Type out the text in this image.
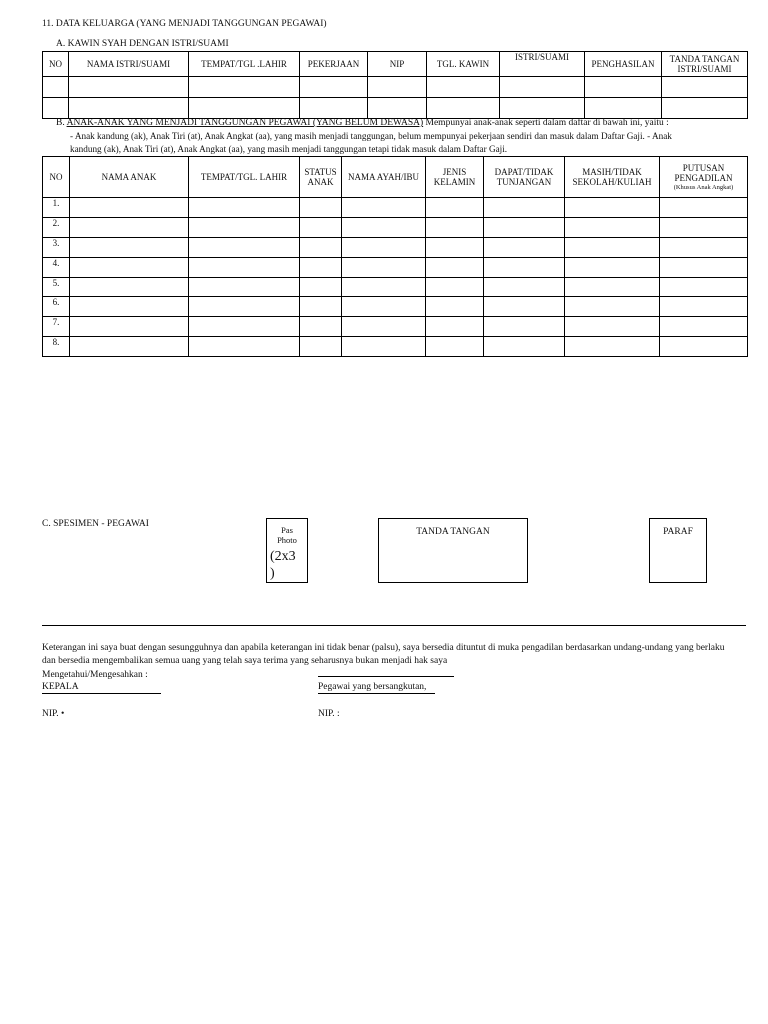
11. DATA KELUARGA (YANG MENJADI TANGGUNGAN PEGAWAI)
A. KAWIN SYAH DENGAN ISTRI/SUAMI
NO	NAMA ISTRI/SUAMI	TEMPAT/TGL .LAHIR	PEKERJAAN	NIP	TGL. KAWIN	ISTRI/SUAMI	PENGHASILAN	TANDA TANGAN ISTRI/SUAMI

B. ANAK-ANAK YANG MENJADI TANGGUNGAN PEGAWAI (YANG BELUM DEWASA) Mempunyai anak-anak seperti dalam daftar di bawah ini, yaitu :
- Anak kandung (ak), Anak Tiri (at), Anak Angkat (aa), yang masih menjadi tanggungan, belum mempunyai pekerjaan sendiri dan masuk dalam Daftar Gaji. - Anak
kandung (ak), Anak Tiri (at), Anak Angkat (aa), yang masih menjadi tanggungan tetapi tidak masuk dalam Daftar Gaji.
NO	NAMA ANAK	TEMPAT/TGL. LAHIR	STATUS ANAK	NAMA AYAH/IBU	JENIS KELAMIN	DAPAT/TIDAK TUNJANGAN	MASIH/TIDAK SEKOLAH/KULIAH	PUTUSAN PENGADILAN
(Khusus Anak Angkat)

1.								
2.								
3.								
4.								
5.								
6.								
7.								
8.								
C. SPESIMEN - PEGAWAI
Pas Photo
(2x3 )
TANDA TANGAN	PARAF
Keterangan ini saya buat dengan sesungguhnya dan apabila keterangan ini tidak benar (palsu), saya bersedia dituntut di muka pengadilan berdasarkan undang-undang yang berlaku dan bersedia mengembalikan semua uang yang telah saya terima yang seharusnya bukan menjadi hak saya
Mengetahui/Mengesahkan :
KEPALA	Pegawai yang bersangkutan,
NIP. •	NIP. :
